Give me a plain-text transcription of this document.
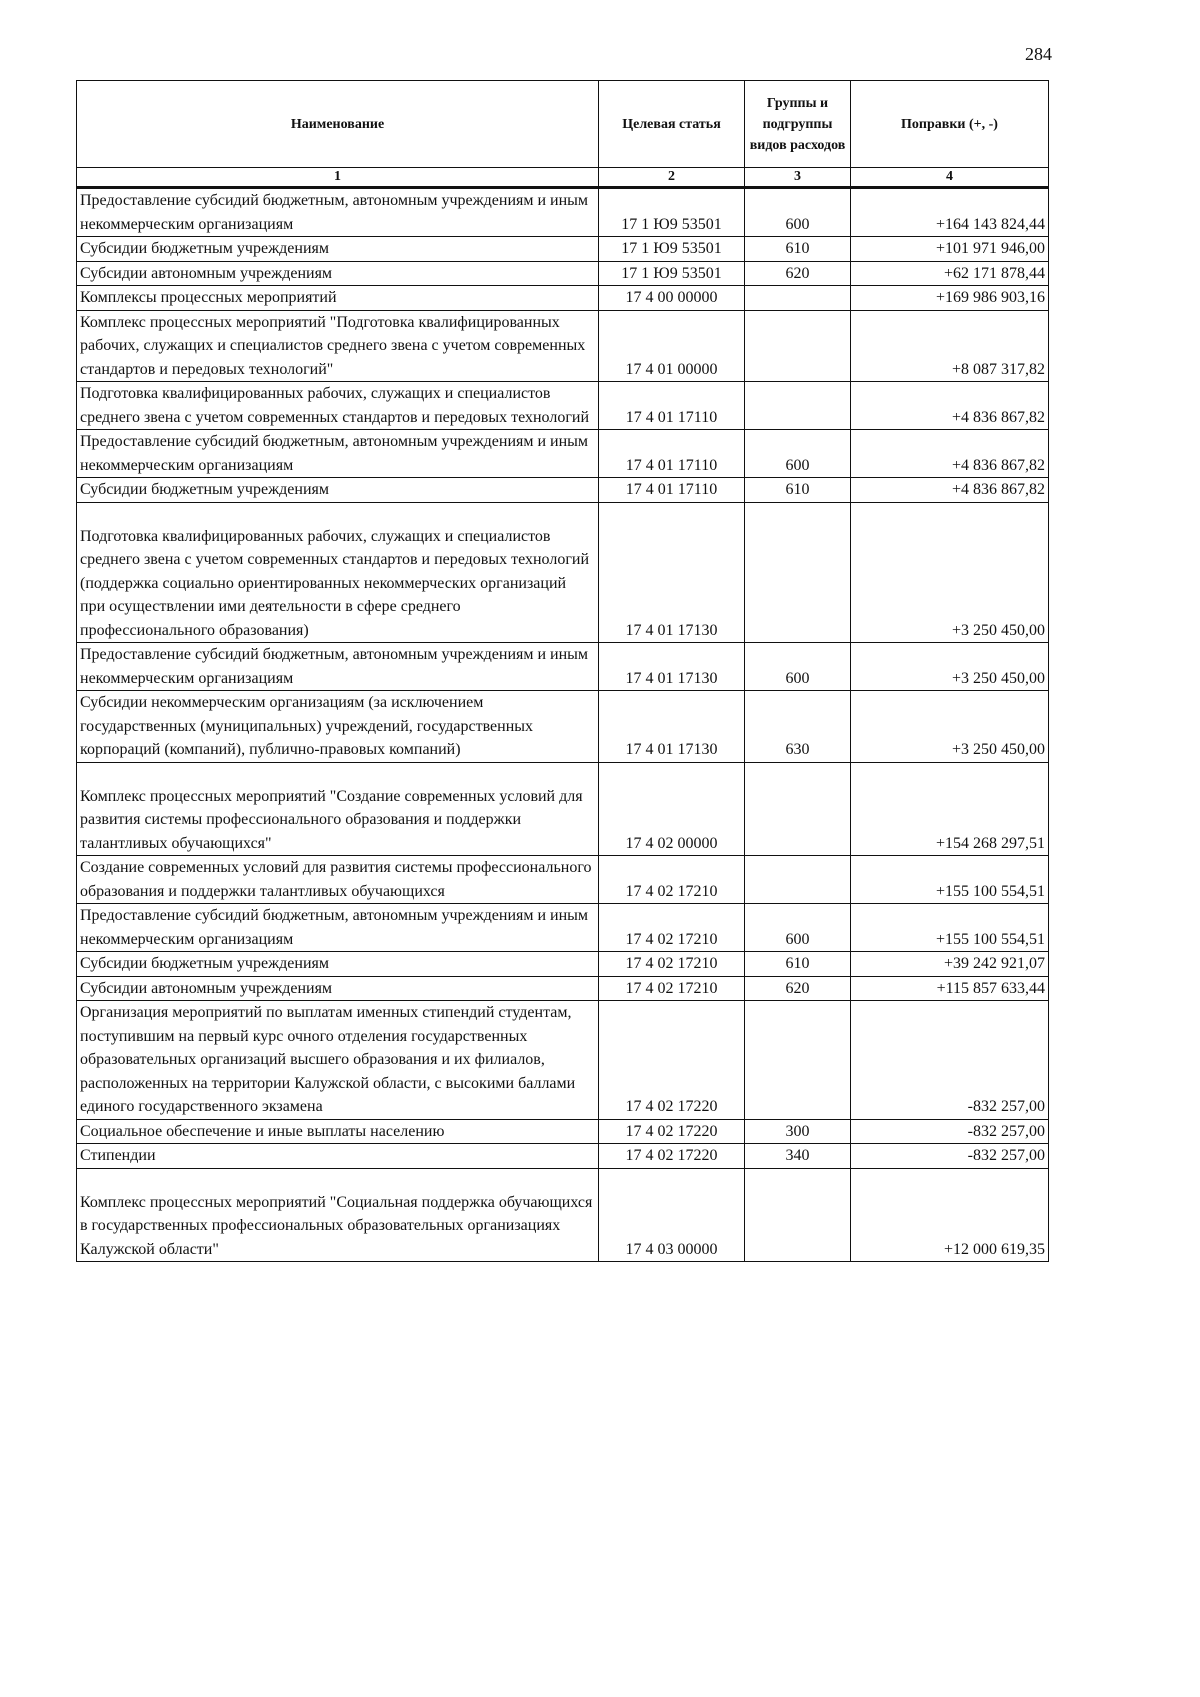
284
Наименование	Целевая статья	Группы и подгруппы видов расходов	Поправки (+, -)
1	2	3	4
Предоставление субсидий бюджетным, автономным учреждениям и иным некоммерческим организациям	17 1 Ю9 53501	600	+164 143 824,44
Субсидии бюджетным учреждениям	17 1 Ю9 53501	610	+101 971 946,00
Субсидии автономным учреждениям	17 1 Ю9 53501	620	+62 171 878,44
Комплексы процессных мероприятий	17 4 00 00000		+169 986 903,16
Комплекс процессных мероприятий "Подготовка квалифицированных рабочих, служащих и специалистов среднего звена с учетом современных стандартов и передовых технологий"	17 4 01 00000		+8 087 317,82
Подготовка квалифицированных рабочих, служащих и специалистов среднего звена с учетом современных стандартов и передовых технологий	17 4 01 17110		+4 836 867,82
Предоставление субсидий бюджетным, автономным учреждениям и иным некоммерческим организациям	17 4 01 17110	600	+4 836 867,82
Субсидии бюджетным учреждениям	17 4 01 17110	610	+4 836 867,82
Подготовка квалифицированных рабочих, служащих и специалистов среднего звена с учетом современных стандартов и передовых технологий (поддержка социально ориентированных некоммерческих организаций при осуществлении ими деятельности в сфере среднего профессионального образования)	17 4 01 17130		+3 250 450,00
Предоставление субсидий бюджетным, автономным учреждениям и иным некоммерческим организациям	17 4 01 17130	600	+3 250 450,00
Субсидии некоммерческим организациям (за исключением государственных (муниципальных) учреждений, государственных корпораций (компаний), публично-правовых компаний)	17 4 01 17130	630	+3 250 450,00
Комплекс процессных мероприятий "Создание современных условий для развития системы профессионального образования и поддержки талантливых обучающихся"	17 4 02 00000		+154 268 297,51
Создание современных условий для развития системы профессионального образования и поддержки талантливых обучающихся	17 4 02 17210		+155 100 554,51
Предоставление субсидий бюджетным, автономным учреждениям и иным некоммерческим организациям	17 4 02 17210	600	+155 100 554,51
Субсидии бюджетным учреждениям	17 4 02 17210	610	+39 242 921,07
Субсидии автономным учреждениям	17 4 02 17210	620	+115 857 633,44
Организация мероприятий по выплатам именных стипендий студентам, поступившим на первый курс очного отделения государственных образовательных организаций высшего образования и их филиалов, расположенных на территории Калужской области, с высокими баллами единого государственного экзамена	17 4 02 17220		-832 257,00
Социальное обеспечение и иные выплаты населению	17 4 02 17220	300	-832 257,00
Стипендии	17 4 02 17220	340	-832 257,00
Комплекс процессных мероприятий "Социальная поддержка обучающихся в государственных профессиональных образовательных организациях Калужской области"	17 4 03 00000		+12 000 619,35
